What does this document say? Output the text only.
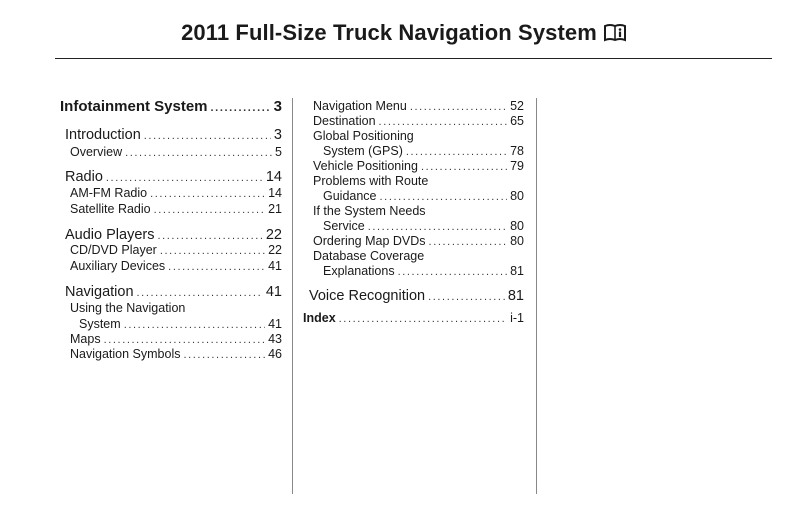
2011 Full-Size Truck Navigation System
Infotainment System .....	3
Introduction .....	3
Overview .....	5
Radio .....	14
AM-FM Radio .....	14
Satellite Radio .....	21
Audio Players .....	22
CD/DVD Player .....	22
Auxiliary Devices .....	41
Navigation .....	41
Using the Navigation
System .....	41
Maps .....	43
Navigation Symbols .....	46
Navigation Menu .....	52
Destination .....	65
Global Positioning
System (GPS) .....	78
Vehicle Positioning .....	79
Problems with Route
Guidance .....	80
If the System Needs
Service .....	80
Ordering Map DVDs .....	80
Database Coverage
Explanations .....	81
Voice Recognition .....	81
Index .....	i-1
